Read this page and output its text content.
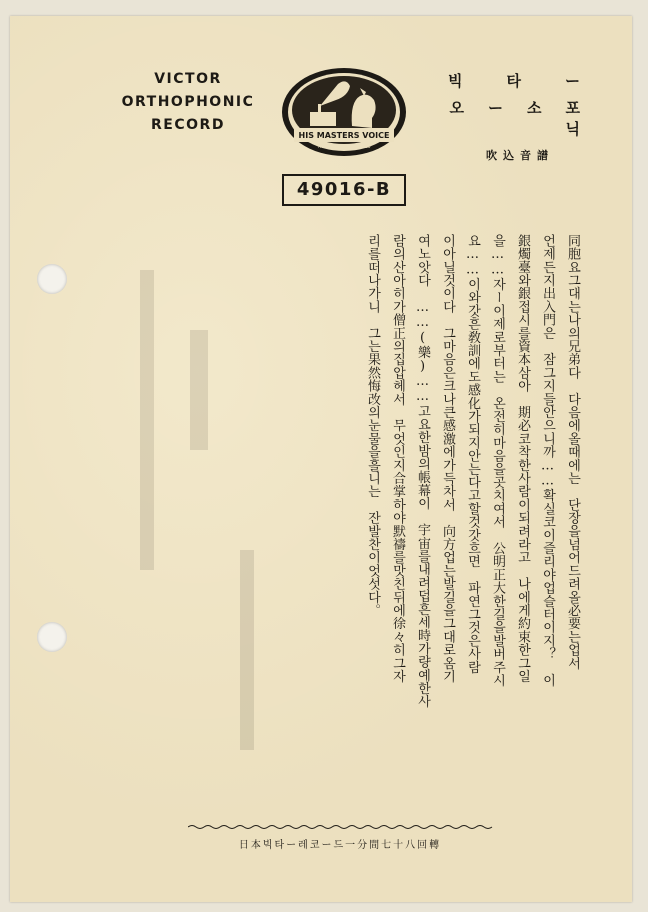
VICTOR
ORTHOPHONIC
RECORD
HIS MASTERS VOICE
TRADE MARK REGISTERED
빅타ー
오ー소포닉
吹込音譜
49016-B

同胞요그대는나의兄弟다　다음에올때에는　단장을넘어드려올必要는업서

언제든지出入門은　잠그지들안으니까……확실코이즐리야업슬터이지？　이

銀燭臺와銀접시를資本삼아　期必코착한사람이되려라고　나에게約束한그일

을……자ー이제로부터는　온전히마음을곳치여서　公明正大한길을발버주시

요……이와갓흔敎訓에도感化가되지안는다고할것갓흐면　파연그것은사람

이아닐것이다　그마음은크나큰感激에가득차서　向方업는발길을그대로옴기

여노앗다　……(樂)……고요한밤의帳幕이　宇宙를내려덥흔세時가량예한사

람의산아히가僧正의집압헤서　무엇인지合掌하야默禱를맛친뒤에徐々히그자

리를떠나가니　그는果然悔改의눈물을흘니는　잔발찬이엇섯다。

日本빅타ー레코ー드一分間七十八回轉
